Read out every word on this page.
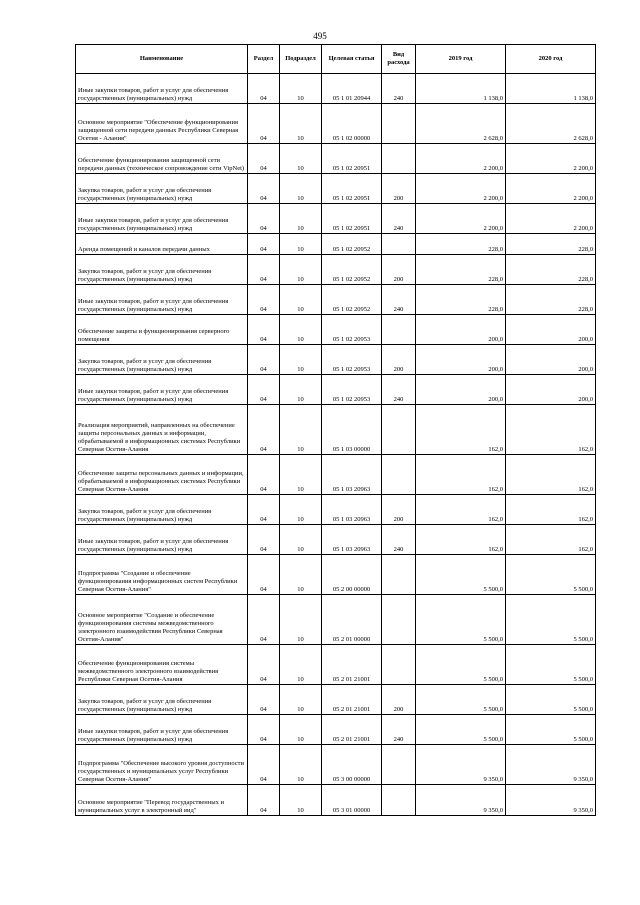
495
Наименование	Раздел	Подраздел	Целевая статья	Вид расхода	2019 год	2020 год
Иные закупки товаров, работ и услуг для обеспечения государственных (муниципальных) нужд	04	10	05 1 01 20944	240	1 138,0	1 138,0
Основное мероприятие "Обеспечение функционирования защищенной сети передачи данных Республики Северная Осетия - Алания"	04	10	05 1 02 00000		2 628,0	2 628,0
Обеспечение функционирования защищенной сети передачи данных (техническое сопровождение сети VipNet)	04	10	05 1 02 20951		2 200,0	2 200,0
Закупка товаров, работ и услуг для обеспечения государственных (муниципальных) нужд	04	10	05 1 02 20951	200	2 200,0	2 200,0
Иные закупки товаров, работ и услуг для обеспечения государственных (муниципальных) нужд	04	10	05 1 02 20951	240	2 200,0	2 200,0
Аренда помещений и каналов передачи данных	04	10	05 1 02 20952		228,0	228,0
Закупка товаров, работ и услуг для обеспечения государственных (муниципальных) нужд	04	10	05 1 02 20952	200	228,0	228,0
Иные закупки товаров, работ и услуг для обеспечения государственных (муниципальных) нужд	04	10	05 1 02 20952	240	228,0	228,0
Обеспечение защиты и функционирования серверного помещения	04	10	05 1 02 20953		200,0	200,0
Закупка товаров, работ и услуг для обеспечения государственных (муниципальных) нужд	04	10	05 1 02 20953	200	200,0	200,0
Иные закупки товаров, работ и услуг для обеспечения государственных (муниципальных) нужд	04	10	05 1 02 20953	240	200,0	200,0
Реализация мероприятий, направленных на обеспечение защиты персональных данных и информации, обрабатываемой в информационных системах Республики Северная Осетия-Алания	04	10	05 1 03 00000		162,0	162,0
Обеспечение защиты персональных данных и информации, обрабатываемой в информационных системах Республики Северная Осетия-Алания	04	10	05 1 03 20963		162,0	162,0
Закупка товаров, работ и услуг для обеспечения государственных (муниципальных) нужд	04	10	05 1 03 20963	200	162,0	162,0
Иные закупки товаров, работ и услуг для обеспечения государственных (муниципальных) нужд	04	10	05 1 03 20963	240	162,0	162,0
Подпрограмма "Создание и обеспечение функционирования информационных систем Республики Северная Осетия-Алания"	04	10	05 2 00 00000		5 500,0	5 500,0
Основное мероприятие "Создание и обеспечение функционирования системы межведомственного электронного взаимодействия Республики Северная Осетия-Алания"	04	10	05 2 01 00000		5 500,0	5 500,0
Обеспечение функционирования системы межведомственного электронного взаимодействия Республики Северная Осетия-Алания	04	10	05 2 01 21001		5 500,0	5 500,0
Закупка товаров, работ и услуг для обеспечения государственных (муниципальных) нужд	04	10	05 2 01 21001	200	5 500,0	5 500,0
Иные закупки товаров, работ и услуг для обеспечения государственных (муниципальных) нужд	04	10	05 2 01 21001	240	5 500,0	5 500,0
Подпрограмма "Обеспечение высокого уровня доступности государственных и муниципальных услуг Республики Северная Осетия-Алания"	04	10	05 3 00 00000		9 350,0	9 350,0
Основное мероприятие "Перевод государственных и муниципальных услуг в электронный вид"	04	10	05 3 01 00000		9 350,0	9 350,0
